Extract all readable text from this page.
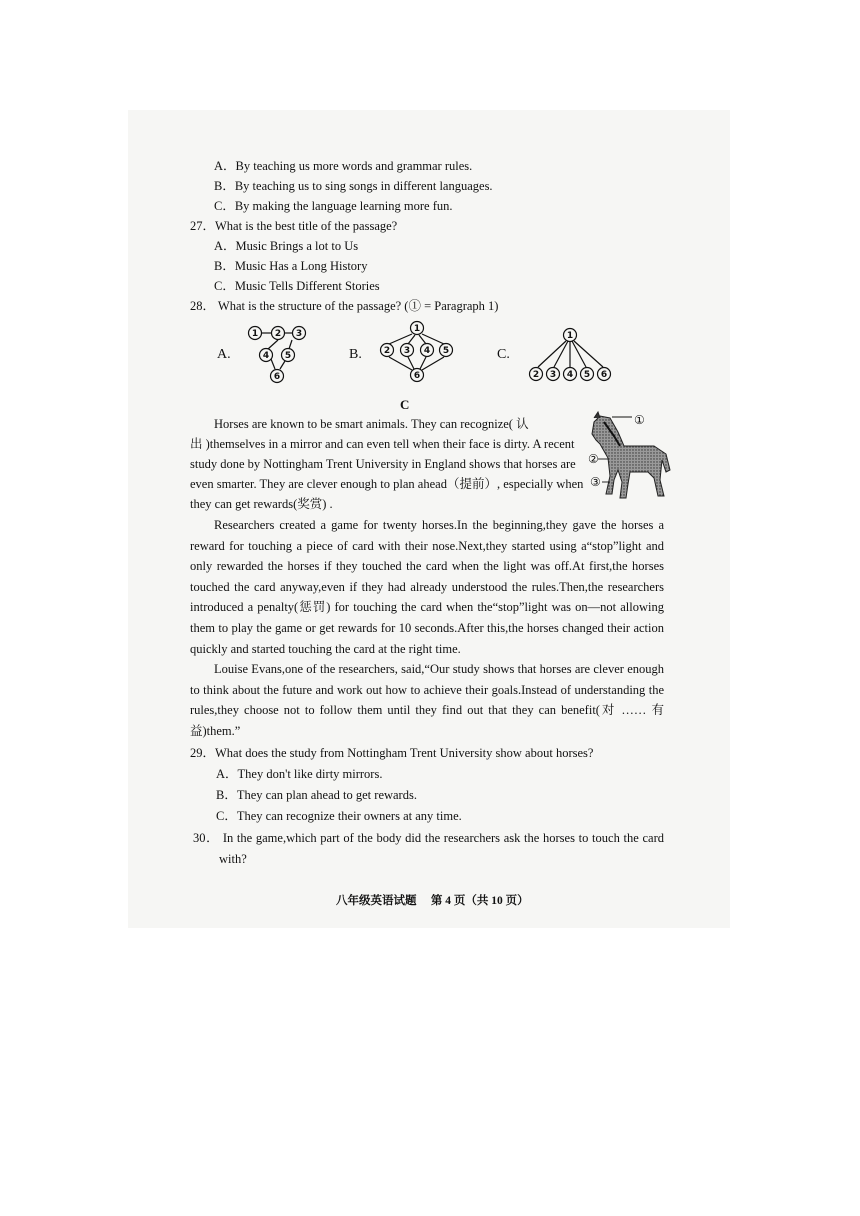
A．By teaching us more words and grammar rules.
B．By teaching us to sing songs in different languages.
C．By making the language learning more fun.
27．What is the best title of the passage?
A．Music Brings a lot to Us
B．Music Has a Long History
C．Music Tells Different Stories
28． What is the structure of the passage? (① = Paragraph 1)
A.	B.	C.
1 2 3
4 5
6
1
2 3 4 5
6
1
2 3 4 5 6
C
Horses are known to be smart animals. They can recognize( 认
出 )themselves in a mirror and can even tell when their face is dirty. A recent
study done by Nottingham Trent University in England shows that horses are
even smarter. They are clever enough to plan ahead（提前）, especially when
they can get rewards(奖赏) .
①
②
③
Researchers created a game for twenty horses.In the beginning,they gave the horses a reward for touching a piece of card with their nose.Next,they started using a“stop”light and only rewarded the horses if they touched the card when the light was off.At first,the horses touched the card anyway,even if they had already understood the rules.Then,the researchers introduced a penalty(惩罚) for touching the card when the“stop”light was on—not allowing them to play the game or get rewards for 10 seconds.After this,the horses changed their action quickly and started touching the card at the right time.
Louise Evans,one of the researchers, said,“Our study shows that horses are clever enough to think about the future and work out how to achieve their goals.Instead of understanding the rules,they choose not to follow them until they find out that they can benefit(对 …… 有益)them.”
29．What does the study from Nottingham Trent University show about horses?
A．They don't like dirty mirrors.
B．They can plan ahead to get rewards.
C．They can recognize their owners at any time.
30． In the game,which part of the body did the researchers ask the horses to touch the card
with?
八年级英语试题　 第 4 页（共 10 页）
